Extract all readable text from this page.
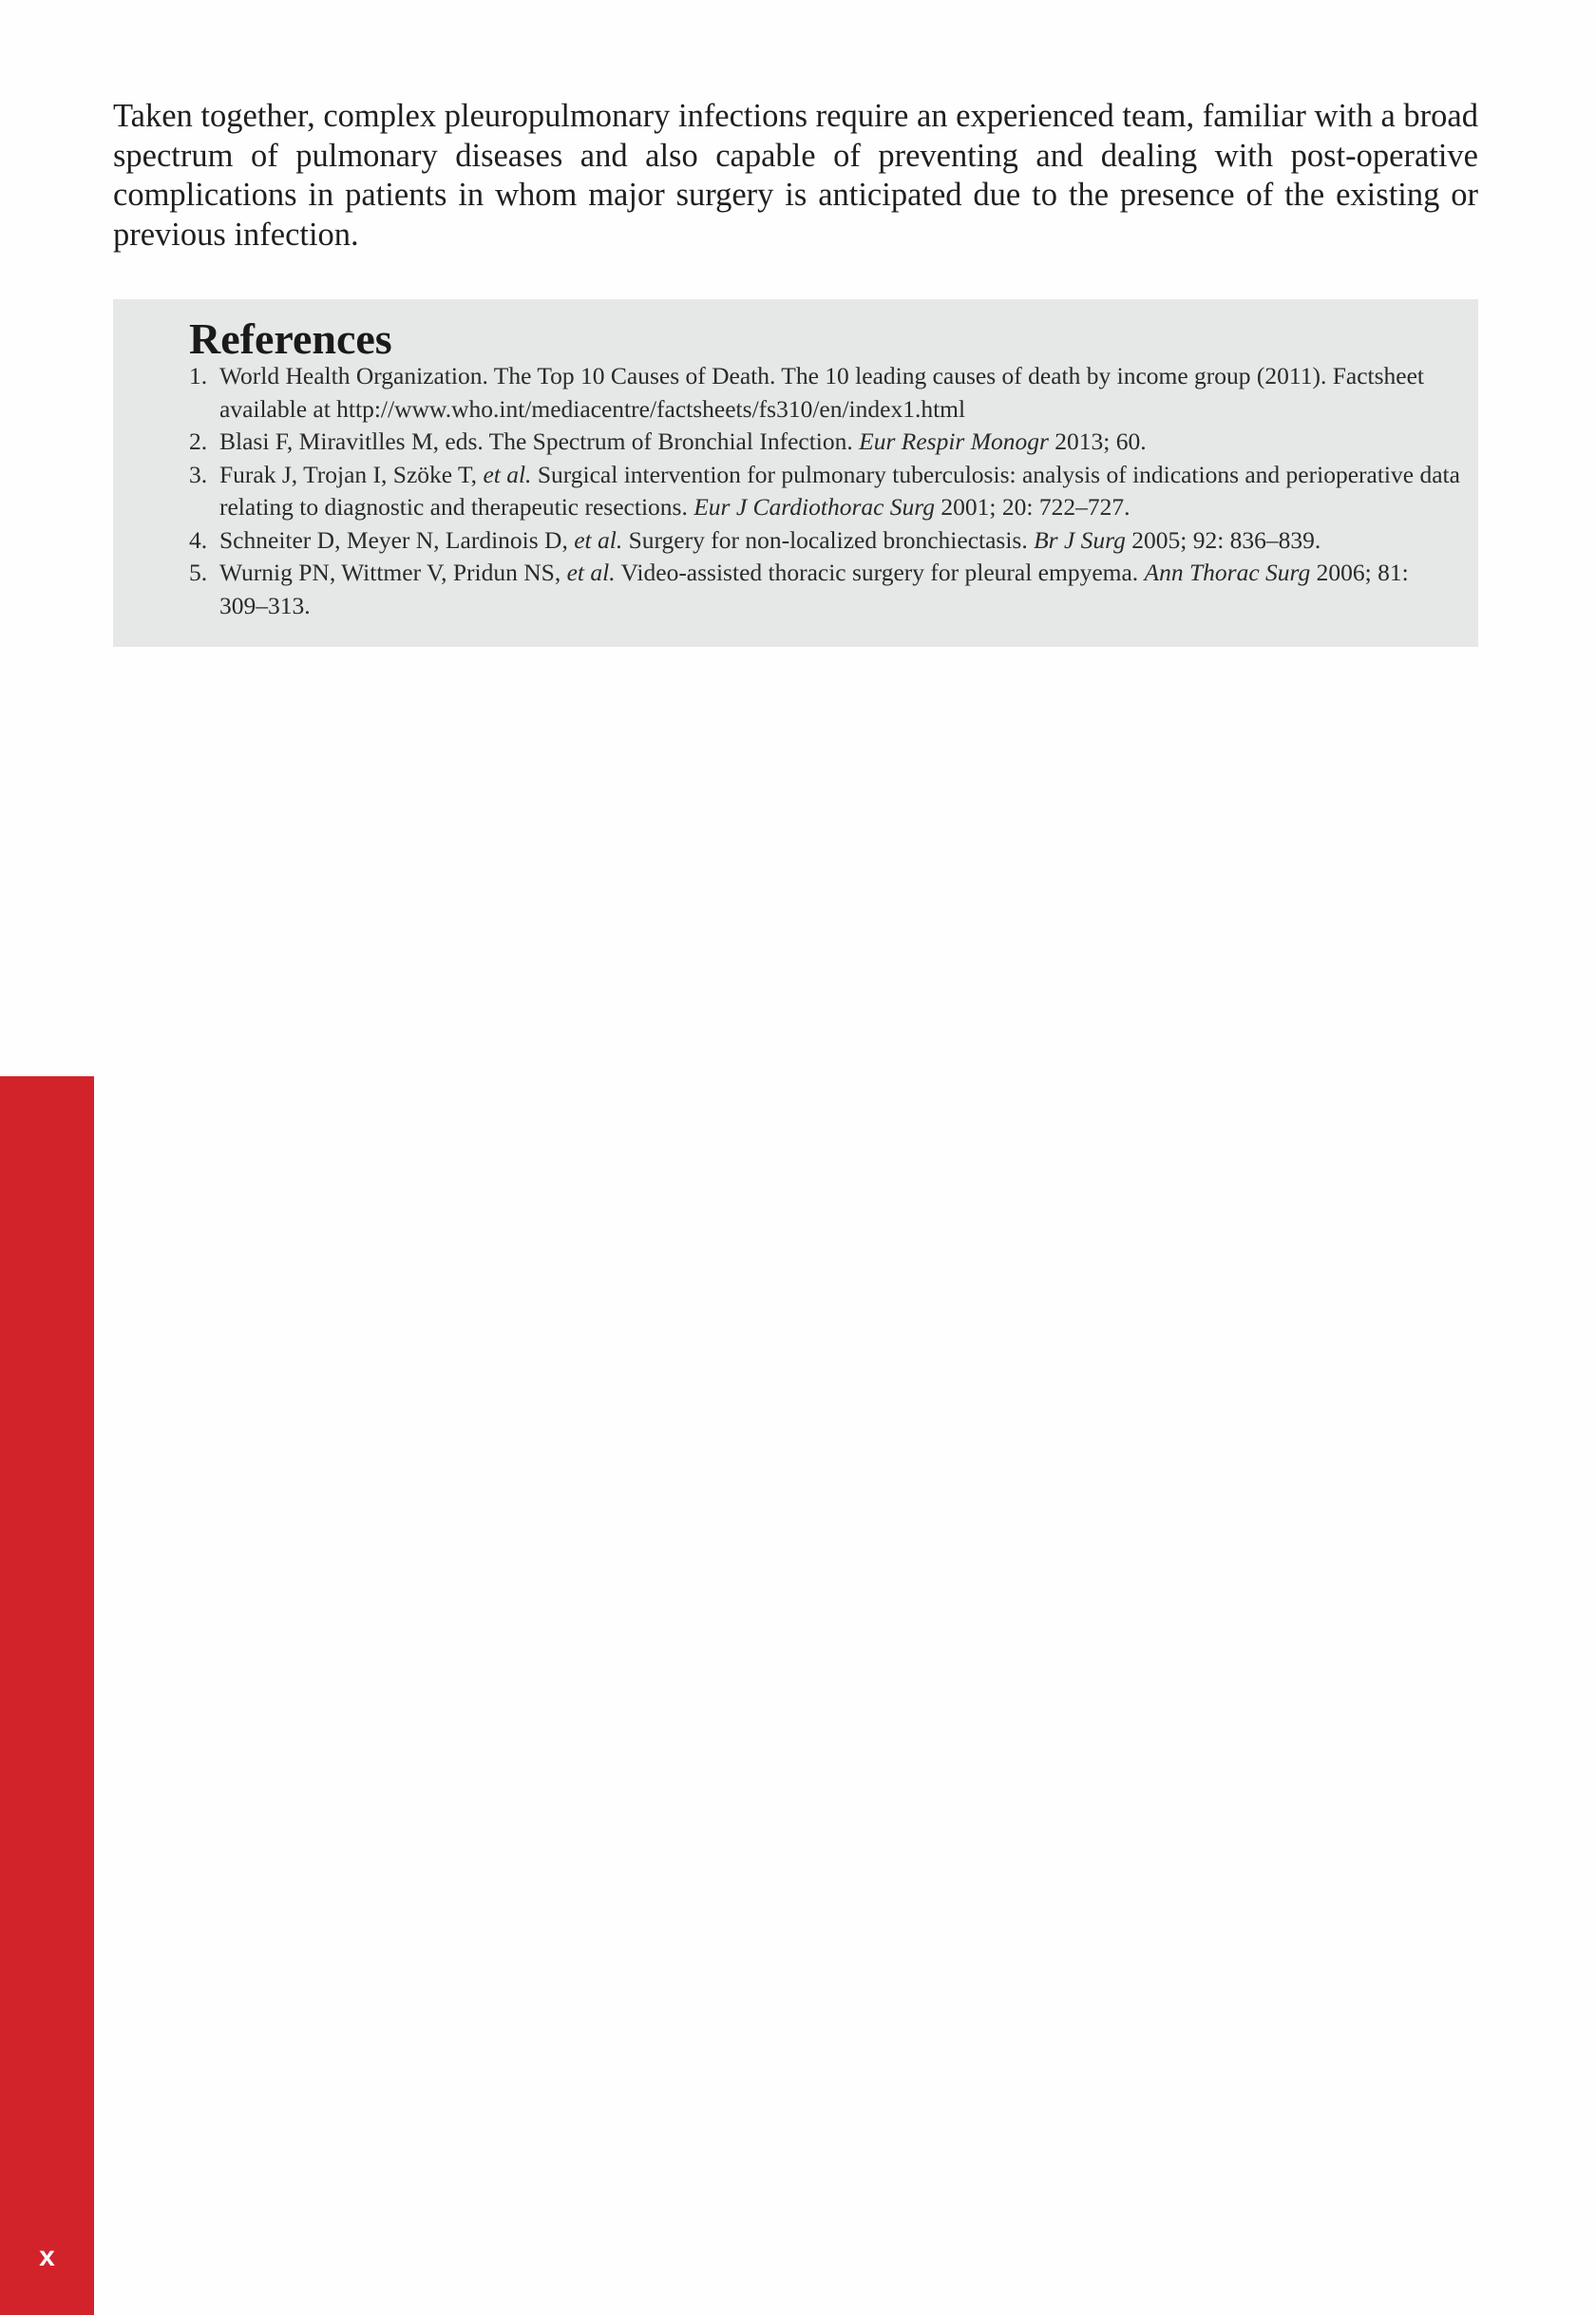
Taken together, complex pleuropulmonary infections require an experienced team, familiar with a broad spectrum of pulmonary diseases and also capable of preventing and dealing with post-operative complications in patients in whom major surgery is anticipated due to the presence of the existing or previous infection.

References
1. World Health Organization. The Top 10 Causes of Death. The 10 leading causes of death by income group (2011). Factsheet available at http://www.who.int/mediacentre/factsheets/fs310/en/index1.html
2. Blasi F, Miravitlles M, eds. The Spectrum of Bronchial Infection. Eur Respir Monogr 2013; 60.
3. Furak J, Trojan I, Szöke T, et al. Surgical intervention for pulmonary tuberculosis: analysis of indications and perioperative data relating to diagnostic and therapeutic resections. Eur J Cardiothorac Surg 2001; 20: 722–727.
4. Schneiter D, Meyer N, Lardinois D, et al. Surgery for non-localized bronchiectasis. Br J Surg 2005; 92: 836–839.
5. Wurnig PN, Wittmer V, Pridun NS, et al. Video-assisted thoracic surgery for pleural empyema. Ann Thorac Surg 2006; 81: 309–313.
x
